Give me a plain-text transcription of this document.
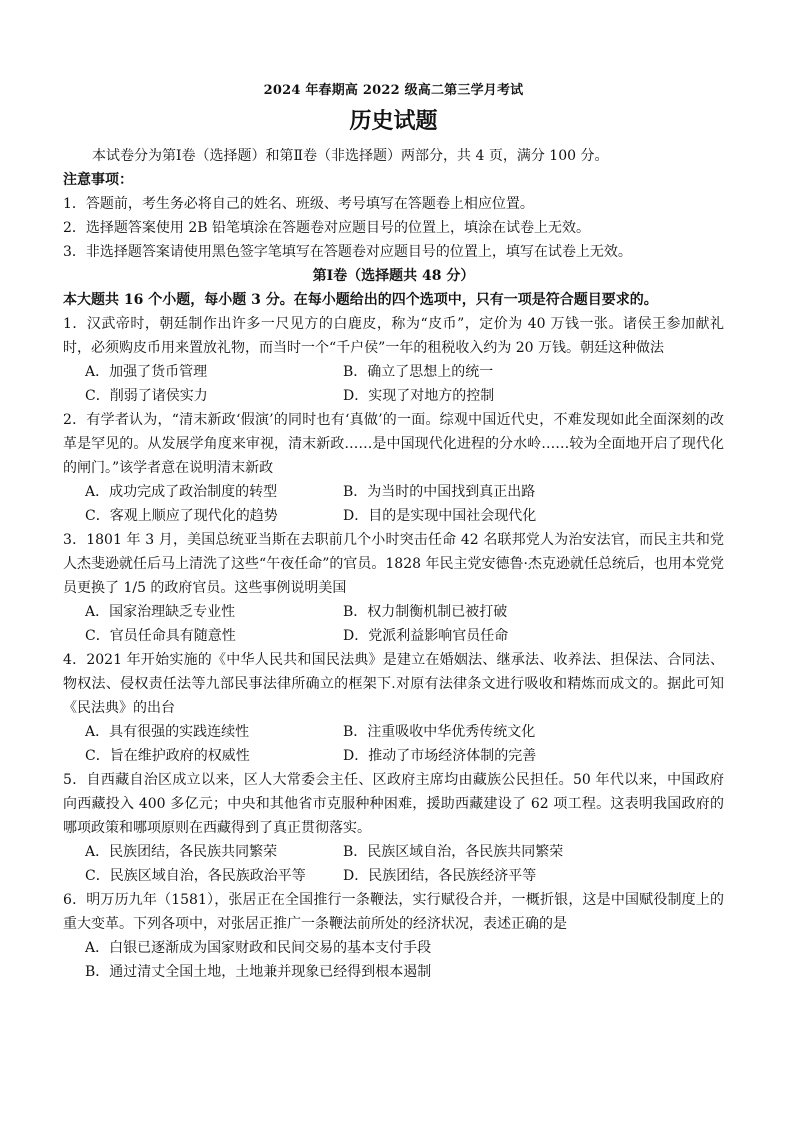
2024 年春期高 2022 级高二第三学月考试
历史试题
本试卷分为第Ⅰ卷（选择题）和第Ⅱ卷（非选择题）两部分，共 4 页，满分 100 分。
注意事项：
1．答题前，考生务必将自己的姓名、班级、考号填写在答题卷上相应位置。
2．选择题答案使用 2B 铅笔填涂在答题卷对应题目号的位置上，填涂在试卷上无效。
3．非选择题答案请使用黑色签字笔填写在答题卷对应题目号的位置上，填写在试卷上无效。
第Ⅰ卷（选择题共 48 分）
本大题共 16 个小题，每小题 3 分。在每小题给出的四个选项中，只有一项是符合题目要求的。
1．汉武帝时，朝廷制作出许多一尺见方的白鹿皮，称为“皮币”，定价为 40 万钱一张。诸侯王参加献礼时，必须购皮币用来置放礼物，而当时一个“千户侯”一年的租税收入约为 20 万钱。朝廷这种做法
A．加强了货币管理	B．确立了思想上的统一
C．削弱了诸侯实力	D．实现了对地方的控制
2．有学者认为，“清末新政‘假演’的同时也有‘真做’的一面。综观中国近代史，不难发现如此全面深刻的改革是罕见的。从发展学角度来审视，清末新政……是中国现代化进程的分水岭……较为全面地开启了现代化的闸门。”该学者意在说明清末新政
A．成功完成了政治制度的转型	B．为当时的中国找到真正出路
C．客观上顺应了现代化的趋势	D．目的是实现中国社会现代化
3．1801 年 3 月，美国总统亚当斯在去职前几个小时突击任命 42 名联邦党人为治安法官，而民主共和党人杰斐逊就任后马上清洗了这些“午夜任命”的官员。1828 年民主党安德鲁·杰克逊就任总统后，也用本党党员更换了 1/5 的政府官员。这些事例说明美国
A．国家治理缺乏专业性	B．权力制衡机制已被打破
C．官员任命具有随意性	D．党派利益影响官员任命
4．2021 年开始实施的《中华人民共和国民法典》是建立在婚姻法、继承法、收养法、担保法、合同法、物权法、侵权责任法等九部民事法律所确立的框架下.对原有法律条文进行吸收和精炼而成文的。据此可知《民法典》的出台
A．具有很强的实践连续性	B．注重吸收中华优秀传统文化
C．旨在维护政府的权威性	D．推动了市场经济体制的完善
5．自西藏自治区成立以来，区人大常委会主任、区政府主席均由藏族公民担任。50 年代以来，中国政府向西藏投入 400 多亿元；中央和其他省市克服种种困难，援助西藏建设了 62 项工程。这表明我国政府的哪项政策和哪项原则在西藏得到了真正贯彻落实。
A．民族团结，各民族共同繁荣	B．民族区域自治，各民族共同繁荣
C．民族区域自治，各民族政治平等	D．民族团结，各民族经济平等
6．明万历九年（1581），张居正在全国推行一条鞭法，实行赋役合并，一概折银，这是中国赋役制度上的重大变革。下列各项中，对张居正推广一条鞭法前所处的经济状况，表述正确的是
A．白银已逐渐成为国家财政和民间交易的基本支付手段
B．通过清丈全国土地，土地兼并现象已经得到根本遏制
